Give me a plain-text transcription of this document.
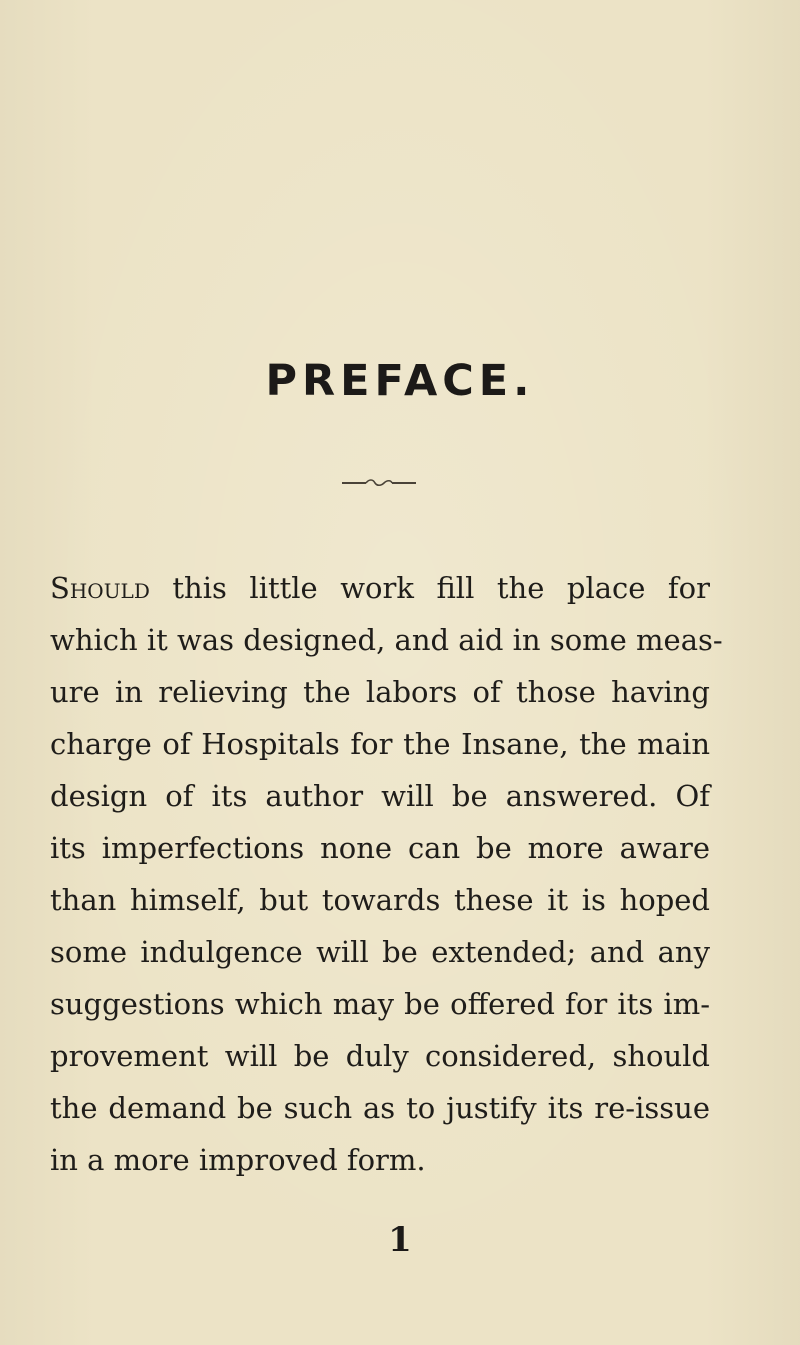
PREFACE.
Should this little work fill the place for
which it was designed, and aid in some meas-
ure in relieving the labors of those having
charge of Hospitals for the Insane, the main
design of its author will be answered. Of
its imperfections none can be more aware
than himself, but towards these it is hoped
some indulgence will be extended; and any
suggestions which may be offered for its im-
provement will be duly considered, should
the demand be such as to justify its re-issue
in a more improved form.
1
